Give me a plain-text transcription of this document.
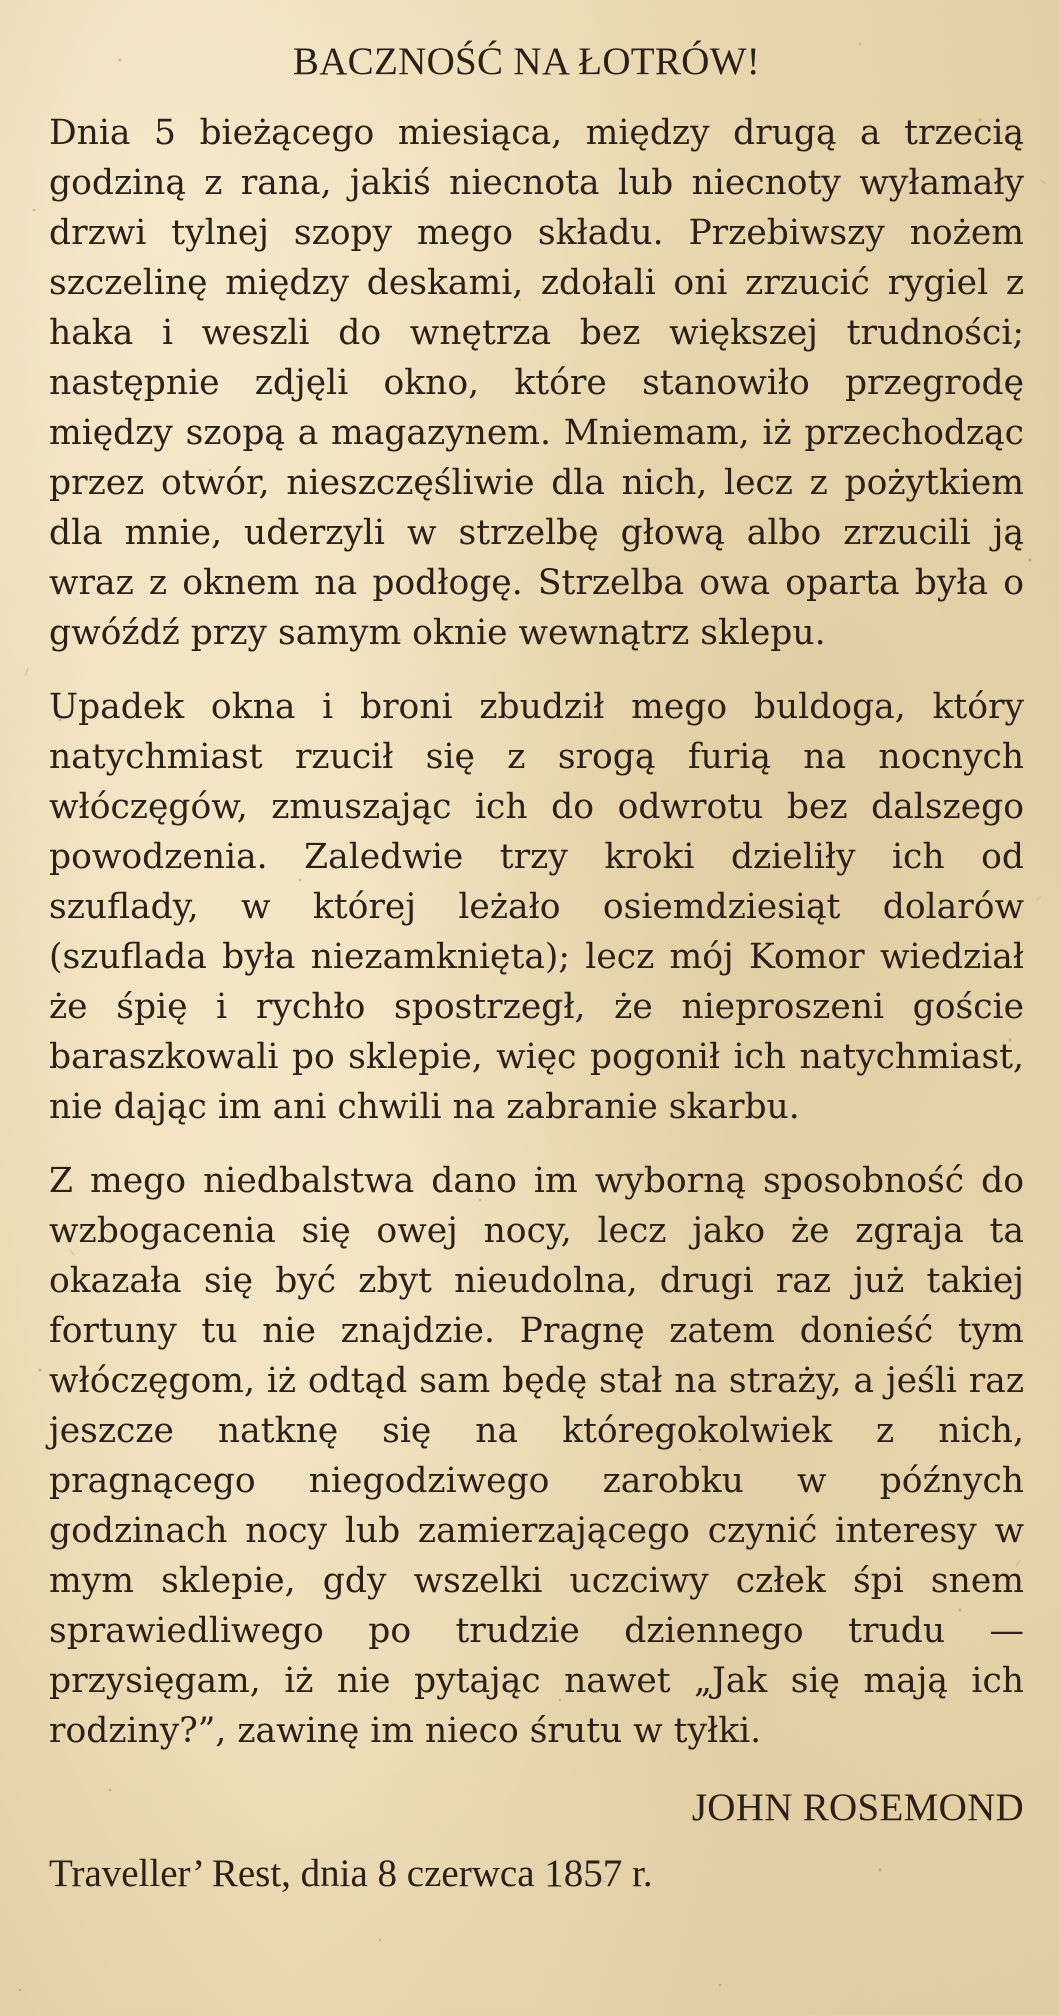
BACZNOŚĆ NA ŁOTRÓW!

Dnia 5 bieżącego miesiąca, między drugą a trzecią godziną z rana, jakiś niecnota lub niecnoty wyłamały drzwi tylnej szopy mego składu. Przebiwszy nożem szczelinę między deskami, zdołali oni zrzucić rygiel z haka i weszli do wnętrza bez większej trudności; następnie zdjęli okno, które stanowiło przegrodę między szopą a magazynem. Mniemam, iż przechodząc przez otwór, nieszczęśliwie dla nich, lecz z pożytkiem dla mnie, uderzyli w strzelbę głową albo zrzucili ją wraz z oknem na podłogę. Strzelba owa oparta była o gwóźdź przy samym oknie wewnątrz sklepu.

Upadek okna i broni zbudził mego buldoga, który natychmiast rzucił się z srogą furią na nocnych włóczęgów, zmuszając ich do odwrotu bez dalszego powodzenia. Zaledwie trzy kroki dzieliły ich od szuflady, w której leżało osiemdziesiąt dolarów (szuflada była niezamknięta); lecz mój Komor wiedział że śpię i rychło spostrzegł, że nieproszeni goście baraszkowali po sklepie, więc pogonił ich natychmiast, nie dając im ani chwili na zabranie skarbu.

Z mego niedbalstwa dano im wyborną sposobność do wzbogacenia się owej nocy, lecz jako że zgraja ta okazała się być zbyt nieudolna, drugi raz już takiej fortuny tu nie znajdzie. Pragnę zatem donieść tym włóczęgom, iż odtąd sam będę stał na straży, a jeśli raz jeszcze natknę się na któregokolwiek z nich, pragnącego niegodziwego zarobku w późnych godzinach nocy lub zamierzającego czynić interesy w mym sklepie, gdy wszelki uczciwy człek śpi snem sprawiedliwego po trudzie dziennego trudu — przysięgam, iż nie pytając nawet „Jak się mają ich rodziny?”, zawinę im nieco śrutu w tyłki.

JOHN ROSEMOND
Traveller’ Rest, dnia 8 czerwca 1857 r.
